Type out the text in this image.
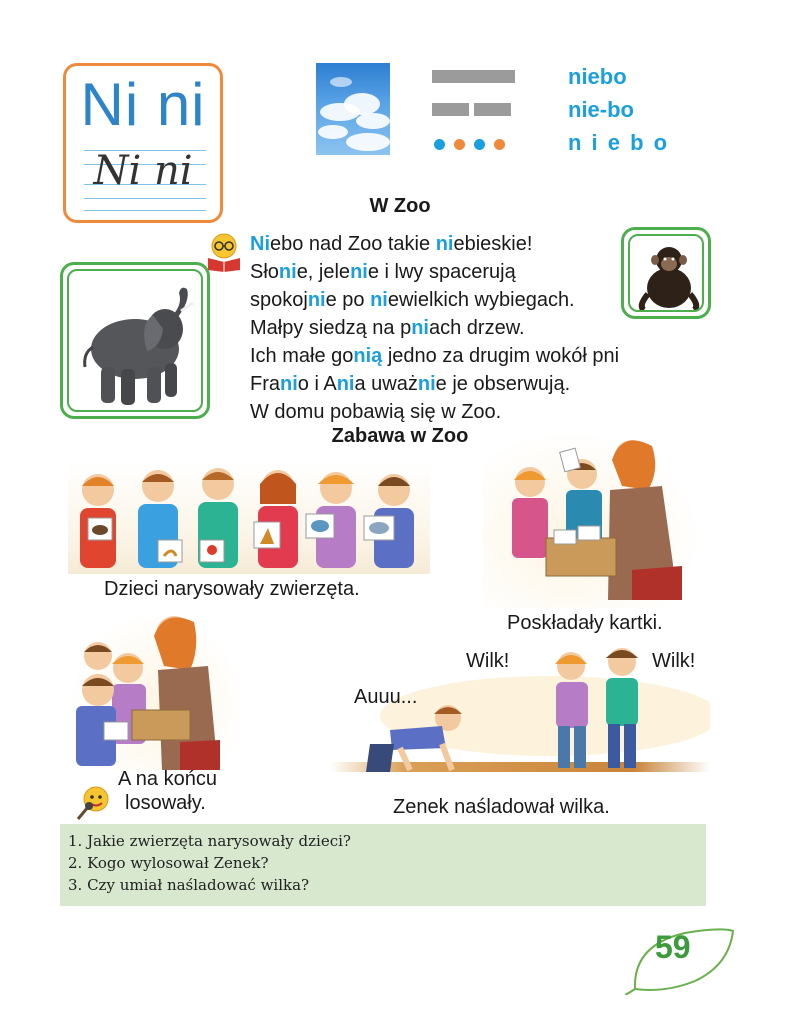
Ni ni
Ni ni
niebo
nie-bo
n i e b o
W Zoo
Niebo nad Zoo takie niebieskie!
Słonie, jelenie i lwy spacerują
spokojnie po niewielkich wybiegach.
Małpy siedzą na pniach drzew.
Ich małe gonią jedno za drugim wokół pni
Franio i Ania uważnie je obserwują.
W domu pobawią się w Zoo.
Zabawa w Zoo
Dzieci narysowały zwierzęta.
Poskładały kartki.
A na końcu
losowały.
Wilk!	Wilk!
Auuu...
Zenek naśladował wilka.
1. Jakie zwierzęta narysowały dzieci?
2. Kogo wylosował Zenek?
3. Czy umiał naśladować wilka?
59
